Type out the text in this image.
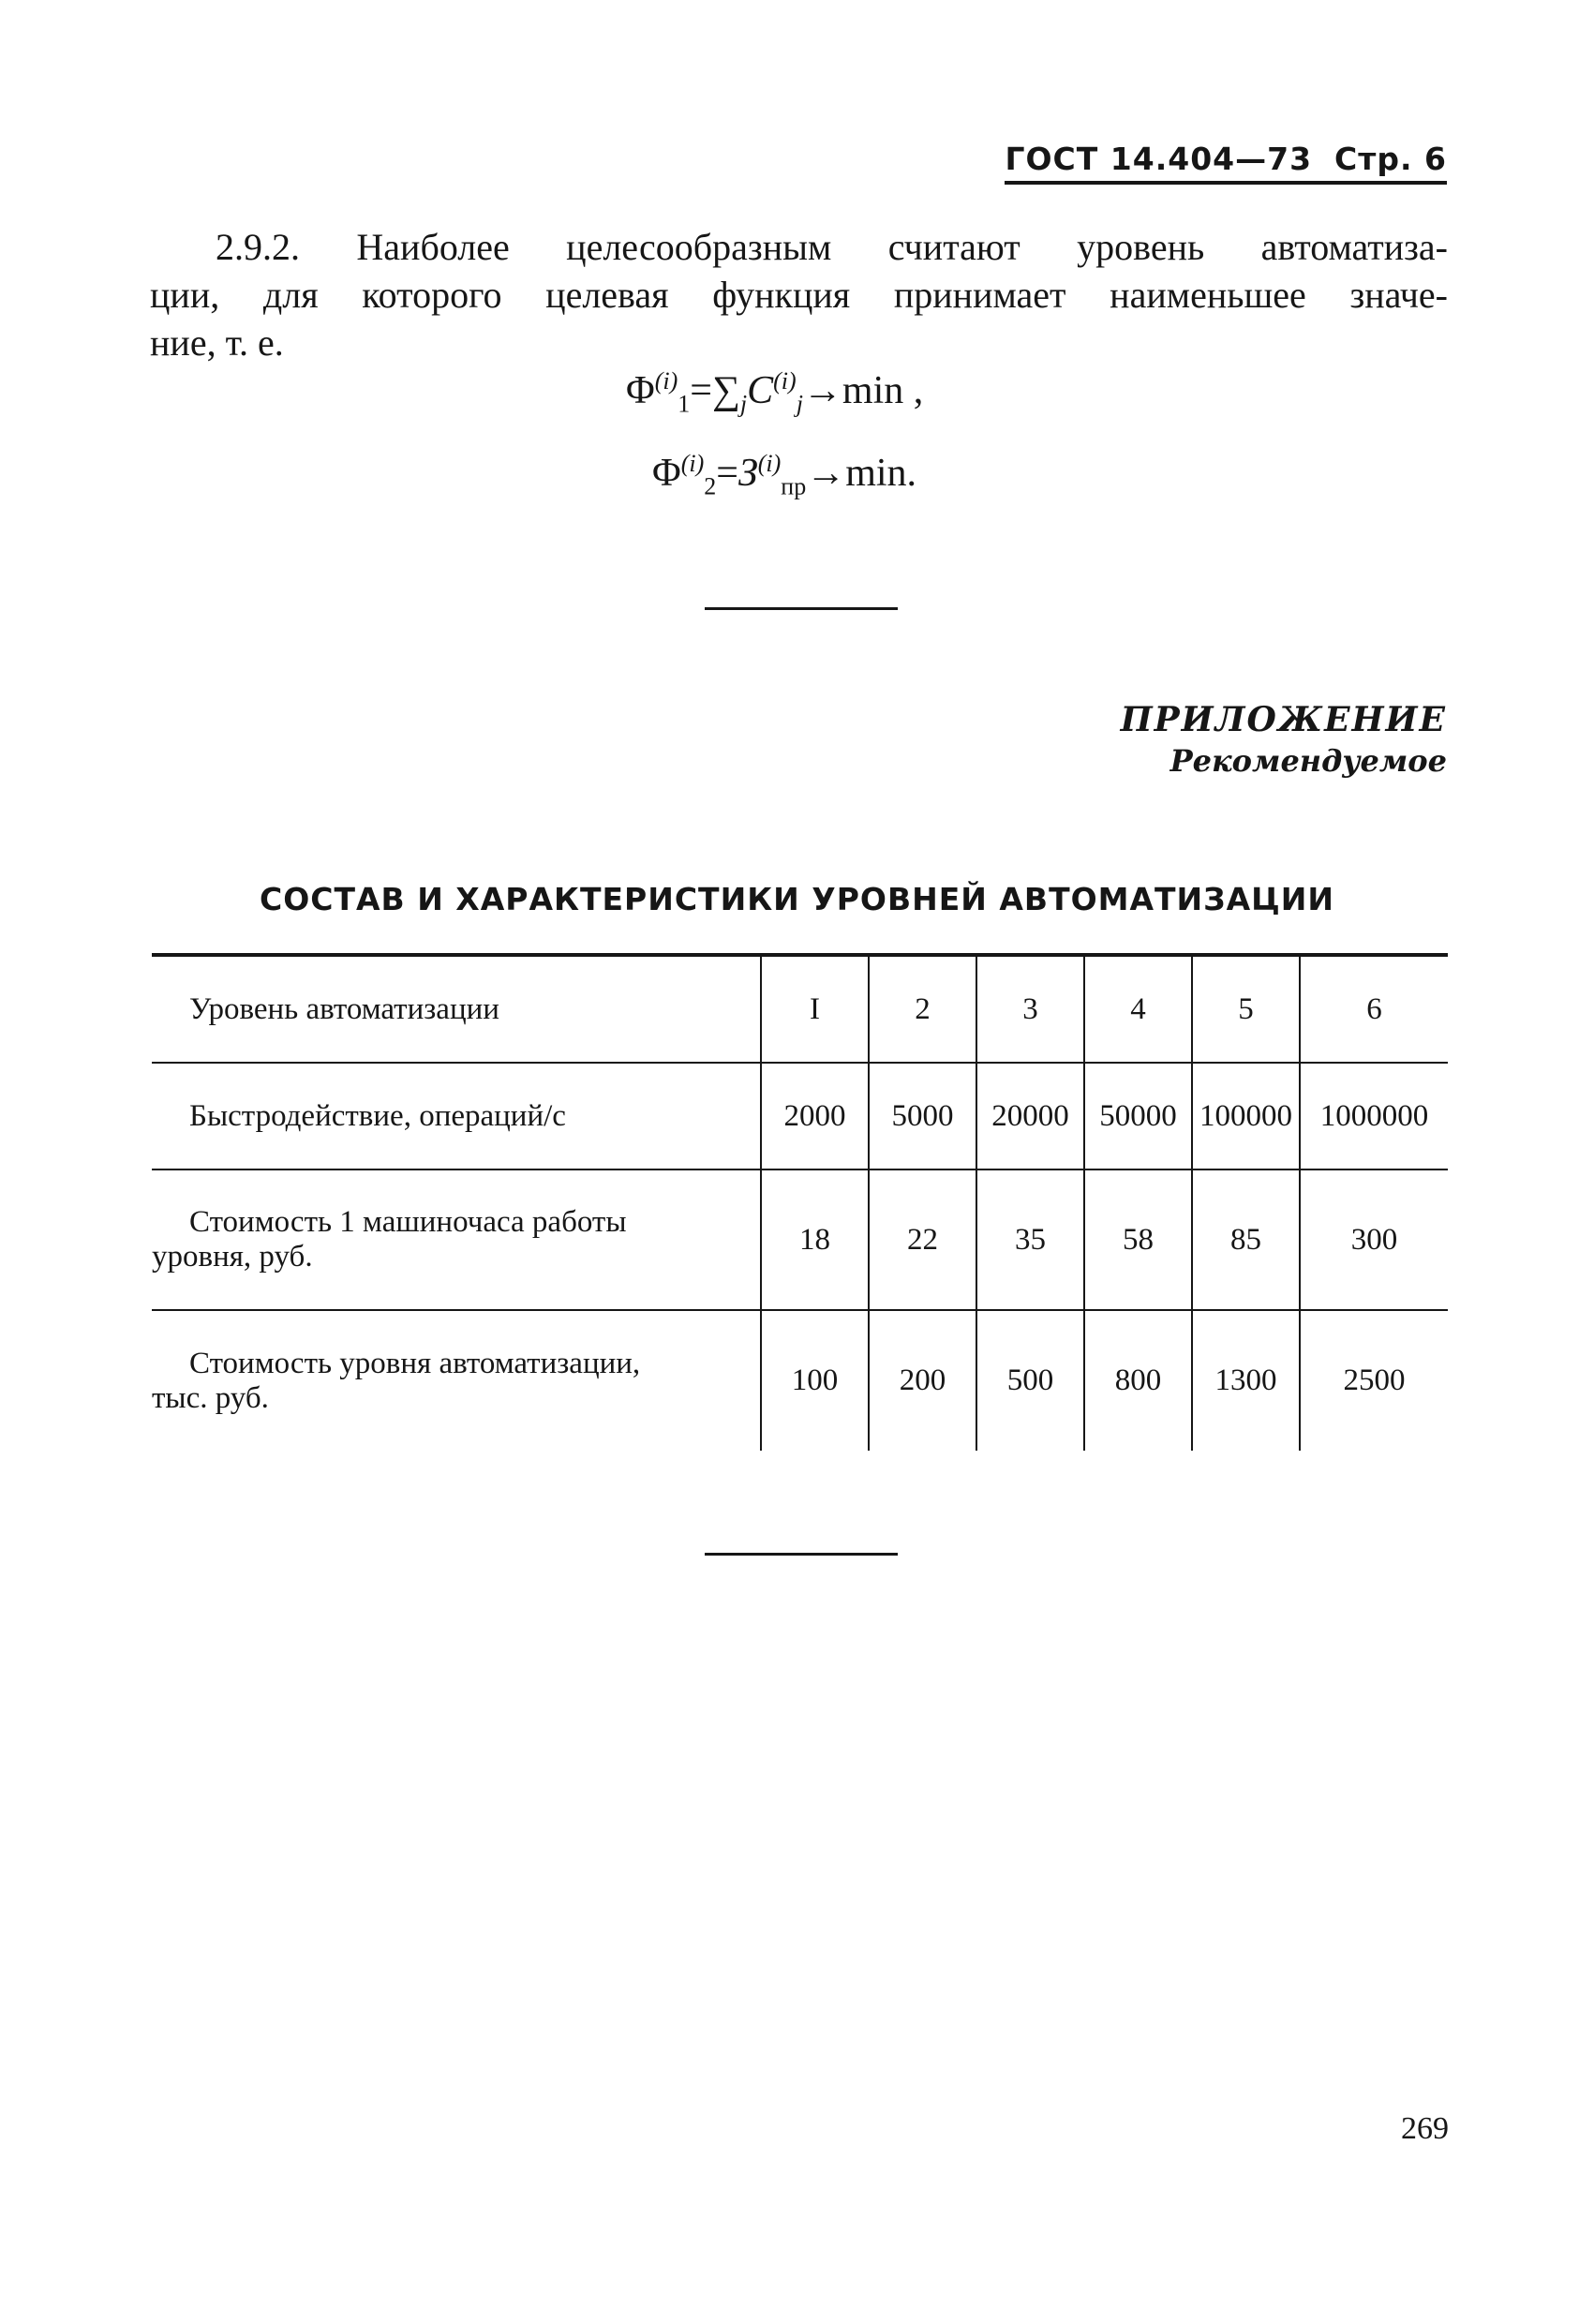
ГОСТ 14.404—73 Стр. 6
2.9.2. Наиболее целесообразным считают уровень автоматиза-
ции, для которого целевая функция принимает наименьшее значе-
ние, т. е.
$\Phi^{(i)}_1=\sum_jC^{(i)}_j\to\min$ ,
$\Phi^{(i)}_2=З^{(i)}_{пр}\to\min$.
ПРИЛОЖЕНИЕ
Рекомендуемое
СОСТАВ И ХАРАКТЕРИСТИКИ УРОВНЕЙ АВТОМАТИЗАЦИИ
Уровень автоматизации	I	2	3	4	5	6
Быстродействие, операций/с	2000	5000	20000	50000	100000	1000000

Стоимость 1 машиночаса работы
уровня, руб.	18	22	35	58	85	300

Стоимость уровня автоматизации,
тыс. руб.	100	200	500	800	1300	2500
269
